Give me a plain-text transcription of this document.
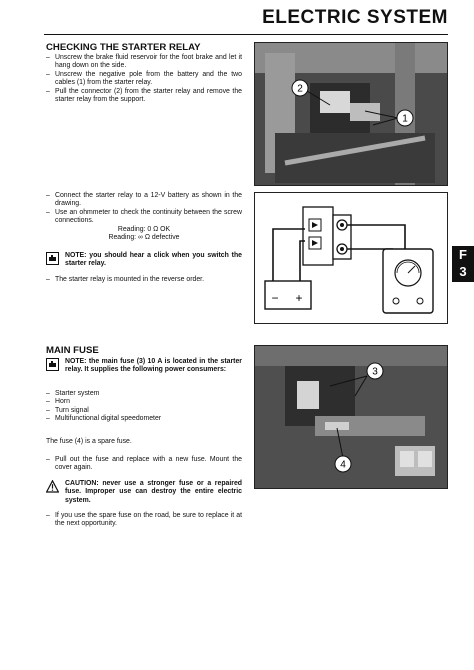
ELECTRIC SYSTEM
F
3
CHECKING THE STARTER RELAY
– Unscrew the brake fluid reservoir for the foot brake and let it hang down on the side.
– Unscrew the negative pole from the battery and the two cables (1) from the starter relay.
– Pull the connector (2) from the starter relay and remove the starter relay from the support.
2
1
– Connect the starter relay to a 12-V battery as shown in the drawing.
– Use an ohmmeter to check the continuity between the screw connections.
Reading: 0 Ω OK
Reading: ∞ Ω defective
NOTE: you should hear a click when you switch the starter relay.
– The starter relay is mounted in the reverse order.
− +
MAIN FUSE
NOTE: the main fuse (3) 10 A is located in the starter relay. It supplies the following power consumers:
– Starter system
– Horn
– Turn signal
– Multifunctional digital speedometer
The fuse (4) is a spare fuse.
– Pull out the fuse and replace with a new fuse. Mount the cover again.
CAUTION: never use a stronger fuse or a repaired fuse. Improper use can destroy the entire electric system.
– If you use the spare fuse on the road, be sure to replace it at the next opportunity.
3
4
